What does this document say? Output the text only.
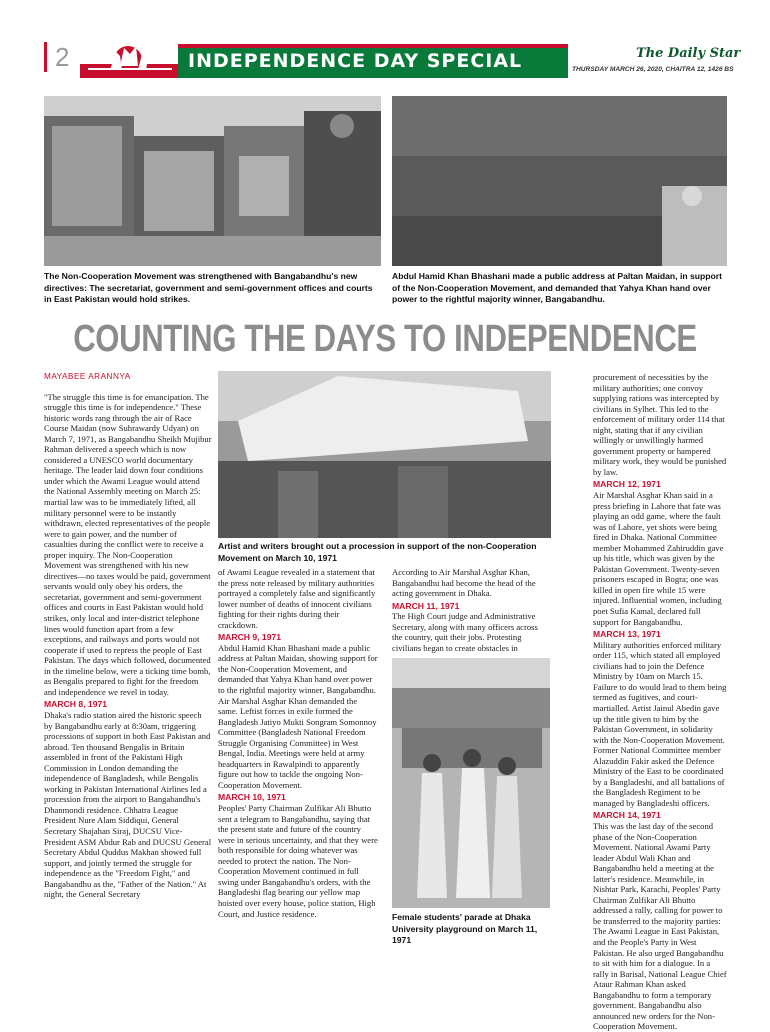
2	INDEPENDENCE DAY SPECIAL	The Daily Star
THURSDAY MARCH 26, 2020, CHAITRA 12, 1426 BS
The Non-Cooperation Movement was strengthened with Bangabandhu's new directives: The secretariat, government and semi-government offices and courts in East Pakistan would hold strikes.
Abdul Hamid Khan Bhashani made a public address at Paltan Maidan, in support of the Non-Cooperation Movement, and demanded that Yahya Khan hand over power to the rightful majority winner, Bangabandhu.
COUNTING THE DAYS TO INDEPENDENCE

MAYABEE ARANNYA

"The struggle this time is for emancipation. The struggle this time is for independence." These historic words rang through the air of Race Course Maidan (now Suhrawardy Udyan) on March 7, 1971, as Bangabandhu Sheikh Mujibur Rahman delivered a speech which is now considered a UNESCO world documentary heritage. The leader laid down four conditions under which the Awami League would attend the National Assembly meeting on March 25: martial law was to be immediately lifted, all military personnel were to be instantly withdrawn, elected representatives of the people were to gain power, and the number of casualties during the conflict were to receive a proper inquiry. The Non-Cooperation Movement was strengthened with his new directives—no taxes would be paid, government servants would only obey his orders, the secretariat, government and semi-government offices and courts in East Pakistan would hold strikes, only local and inter-district telephone lines would function apart from a few exceptions, and railways and ports would not cooperate if used to repress the people of East Pakistan. The days which followed, documented in the timeline below, were a ticking time bomb, as Bengalis prepared to fight for the freedom and independence we revel in today.

MARCH 8, 1971

Dhaka's radio station aired the historic speech by Bangabandhu early at 8:30am, triggering processions of support in both East Pakistan and abroad. Ten thousand Bengalis in Britain assembled in front of the Pakistani High Commission in London demanding the independence of Bangladesh, while Bengalis working in Pakistan International Airlines led a procession from the airport to Bangabandhu's Dhanmondi residence. Chhatra League President Nure Alam Siddiqui, General Secretary Shajahan Siraj, DUCSU Vice-President ASM Abdur Rab and DUCSU General Secretary Abdul Quddus Makhan showed full support, and jointly termed the struggle for independence as the "Freedom Fight," and Bangabandhu as the, "Father of the Nation." At night, the General Secretary

Artist and writers brought out a procession in support of the non-Cooperation Movement on March 10, 1971

of Awami League revealed in a statement that the press note released by military authorities portrayed a completely false and significantly lower number of deaths of innocent civilians fighting for their rights during their crackdown.

MARCH 9, 1971

Abdul Hamid Khan Bhashani made a public address at Paltan Maidan, showing support for the Non-Cooperation Movement, and demanded that Yahya Khan hand over power to the rightful majority winner, Bangabandhu. Air Marshal Asghar Khan demanded the same. Leftist forces in exile formed the Bangladesh Jatiyo Mukti Songram Somonnoy Committee (Bangladesh National Freedom Struggle Organising Committee) in West Bengal, India. Meetings were held at army headquarters in Rawalpindi to apparently figure out how to tackle the ongoing Non-Cooperation Movement.

MARCH 10, 1971

Peoples' Party Chairman Zulfikar Ali Bhutto sent a telegram to Bangabandhu, saying that the present state and future of the country were in serious uncertainty, and that they were both responsible for doing whatever was needed to protect the nation. The Non-Cooperation Movement continued in full swing under Bangabandhu's orders, with the Bangladeshi flag bearing our yellow map hoisted over every house, police station, High Court, and Justice residence.

According to Air Marshal Asghar Khan, Bangabandhu had become the head of the acting government in Dhaka.

MARCH 11, 1971

The High Court judge and Administrative Secretary, along with many officers across the country, quit their jobs. Protesting civilians began to create obstacles in

Female students' parade at Dhaka University playground on March 11, 1971

procurement of necessities by the military authorities; one convoy supplying rations was intercepted by civilians in Sylhet. This led to the enforcement of military order 114 that night, stating that if any civilian willingly or unwillingly harmed government property or hampered military work, they would be punished by law.

MARCH 12, 1971

Air Marshal Asghar Khan said in a press briefing in Lahore that fate was playing an odd game, where the fault was of Lahore, yet shots were being fired in Dhaka. National Committee member Mohammed Zahiruddin gave up his title, which was given by the Pakistan Government. Twenty-seven prisoners escaped in Bogra; one was killed in open fire while 15 were injured. Influential women, including poet Sufia Kamal, declared full support for Bangabandhu.

MARCH 13, 1971

Military authorities enforced military order 115, which stated all employed civilians had to join the Defence Ministry by 10am on March 15. Failure to do would lead to them being termed as fugitives, and court-martialled. Artist Jainul Abedin gave up the title given to him by the Pakistan Government, in solidarity with the Non-Cooperation Movement. Former National Committee member Alazuddin Fakir asked the Defence Ministry of the East to be coordinated by a Bangladeshi, and all battalions of the Bangladesh Regiment to be managed by Bangladeshi officers.

MARCH 14, 1971

This was the last day of the second phase of the Non-Cooperation Movement. National Awami Party leader Abdul Wali Khan and Bangabandhu held a meeting at the latter's residence. Meanwhile, in Nishtar Park, Karachi, Peoples' Party Chairman Zulfikar Ali Bhutto addressed a rally, calling for power to be transferred to the majority parties: The Awami League in East Pakistan, and the People's Party in West Pakistan. He also urged Bangabandhu to sit with him for a dialogue. In a rally in Barisal, National League Chief Ataur Rahman Khan asked Bangabandhu to form a temporary government. Bangabandhu also announced new orders for the Non-Cooperation Movement.
